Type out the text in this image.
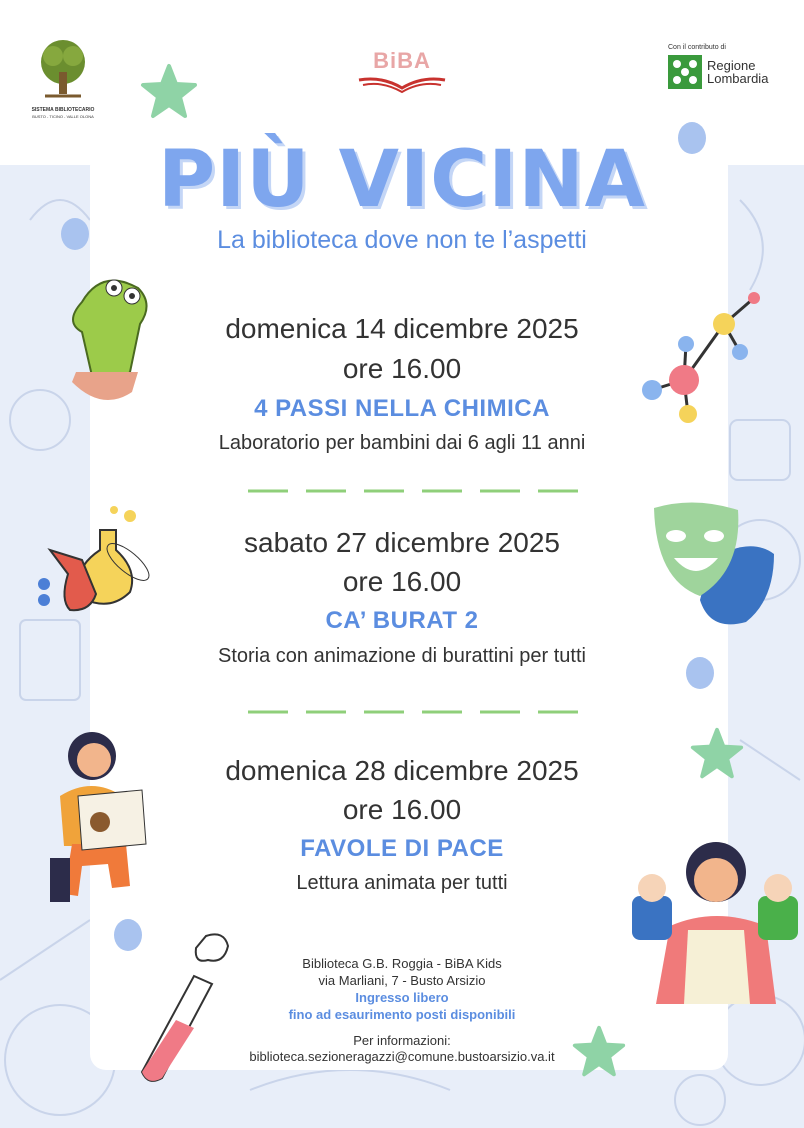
SISTEMA BIBLIOTECARIO
BUSTO - TICINO - VALLE OLONA
BiBA
Con il contributo di
Regione
Lombardia
PIÙ VICINA
La biblioteca dove non te l’aspetti
domenica 14 dicembre 2025
ore 16.00
4 PASSI NELLA CHIMICA
Laboratorio per bambini dai 6 agli 11 anni
sabato 27 dicembre 2025
ore 16.00
CA’ BURAT 2
Storia con animazione di burattini per tutti
domenica 28 dicembre 2025
ore 16.00
FAVOLE DI PACE
Lettura animata per tutti
Biblioteca G.B. Roggia - BiBA Kids
via Marliani, 7 - Busto Arsizio
Ingresso libero
fino ad esaurimento posti disponibili
Per informazioni:
biblioteca.sezioneragazzi@comune.bustoarsizio.va.it
